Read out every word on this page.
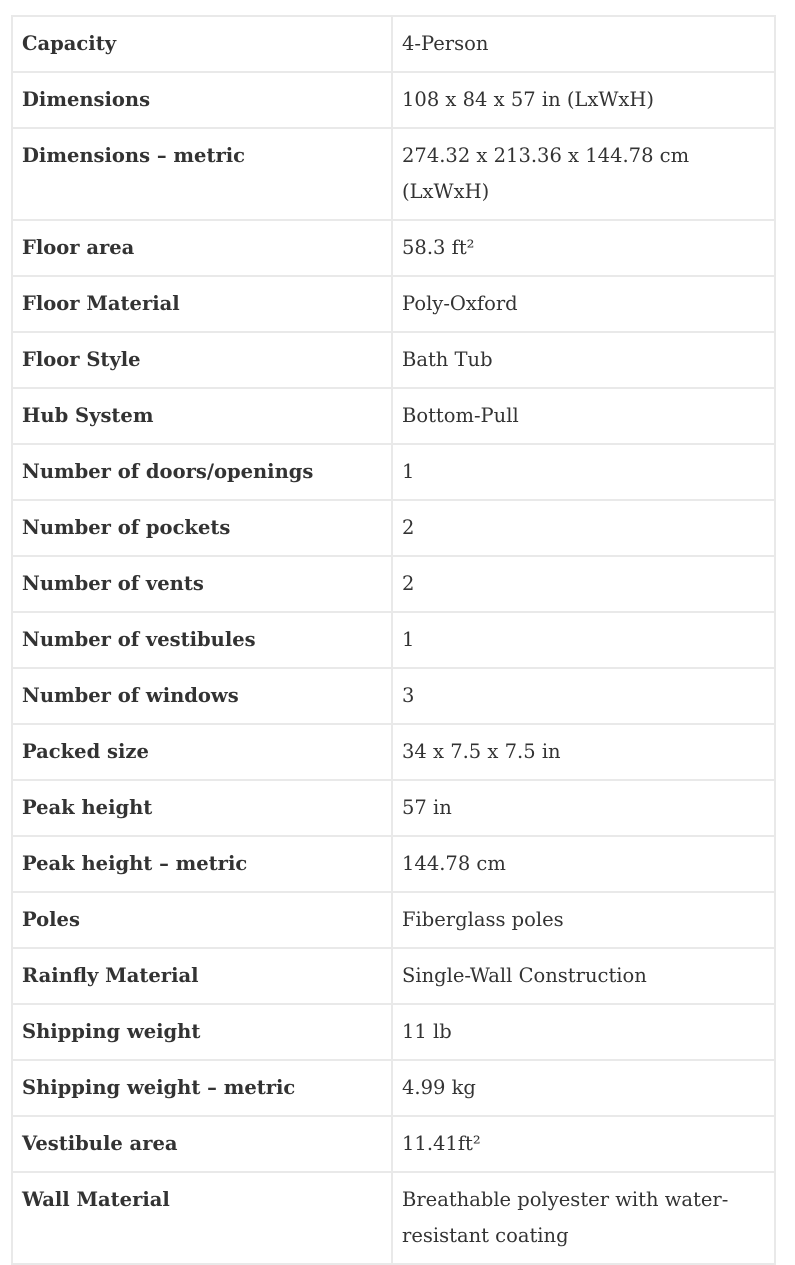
Capacity	4-Person
Dimensions	108 x 84 x 57 in (LxWxH)
Dimensions – metric	274.32 x 213.36 x 144.78 cm (LxWxH)
Floor area	58.3 ft²
Floor Material	Poly-Oxford
Floor Style	Bath Tub
Hub System	Bottom-Pull
Number of doors/openings	1
Number of pockets	2
Number of vents	2
Number of vestibules	1
Number of windows	3
Packed size	34 x 7.5 x 7.5 in
Peak height	57 in
Peak height – metric	144.78 cm
Poles	Fiberglass poles
Rainfly Material	Single-Wall Construction
Shipping weight	11 lb
Shipping weight – metric	4.99 kg
Vestibule area	11.41ft²
Wall Material	Breathable polyester with water-resistant coating
